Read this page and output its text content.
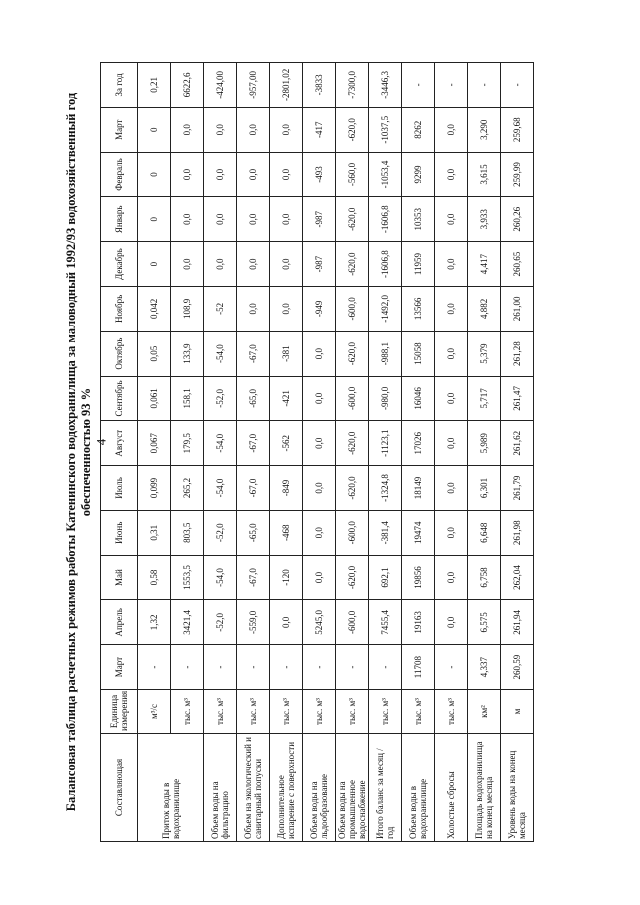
4
Балансовая таблица расчетных режимов работы Катенинского водохранилища за маловодный 1992/93 водохозяйственный год обеспеченностью 93 %
Составляющая	Единица измерения	Март	Апрель	Май	Июнь	Июль	Август	Сентябрь	Октябрь	Ноябрь	Декабрь	Январь	Февраль	Март	За год
Приток воды в водохранилище	м³/с	-	1,32	0,58	0,31	0,099	0,067	0,061	0,05	0,042	0	0	0	0	0,21
	тыс. м³	-	3421,4	1553,5	803,5	265,2	179,5	158,1	133,9	108,9	0,0	0,0	0,0	0,0	6622,6
Объем воды на фильтрацию	тыс. м³	-	-52,0	-54,0	-52,0	-54,0	-54,0	-52,0	-54,0	-52	0,0	0,0	0,0	0,0	-424,00
Объем на экологический и санитарный попуски	тыс. м³	-	-559,0	-67,0	-65,0	-67,0	-67,0	-65,0	-67,0	0,0	0,0	0,0	0,0	0,0	-957,00
Дополнительное испарение с поверхности	тыс. м³	-	0,0	-120	-468	-849	-562	-421	-381	0,0	0,0	0,0	0,0	0,0	-2801,02
Объем воды на льдообразование	тыс. м³	-	5245,0	0,0	0,0	0,0	0,0	0,0	0,0	-949	-987	-987	-493	-417	-3833
Объем воды на промышленное водоснабжение	тыс. м³	-	-600,0	-620,0	-600,0	-620,0	-620,0	-600,0	-620,0	-600,0	-620,0	-620,0	-560,0	-620,0	-7300,0
Итого баланс за месяц / год	тыс. м³	-	7455,4	692,1	-381,4	-1324,8	-1123,1	-980,0	-988,1	-1492,0	-1606,8	-1606,8	-1053,4	-1037,5	-3446,3
Объем воды в водохранилище	тыс. м³	11708	19163	19856	19474	18149	17026	16046	15058	13566	11959	10353	9299	8262	-
Холостые сбросы	тыс. м³	-	0,0	0,0	0,0	0,0	0,0	0,0	0,0	0,0	0,0	0,0	0,0	0,0	-
Площадь водохранилища на конец месяца	км²	4,337	6,575	6,758	6,648	6,301	5,989	5,717	5,379	4,882	4,417	3,933	3,615	3,290	-
Уровень воды на конец месяца	м	260,59	261,94	262,04	261,98	261,79	261,62	261,47	261,28	261,00	260,65	260,26	259,99	259,68	-
